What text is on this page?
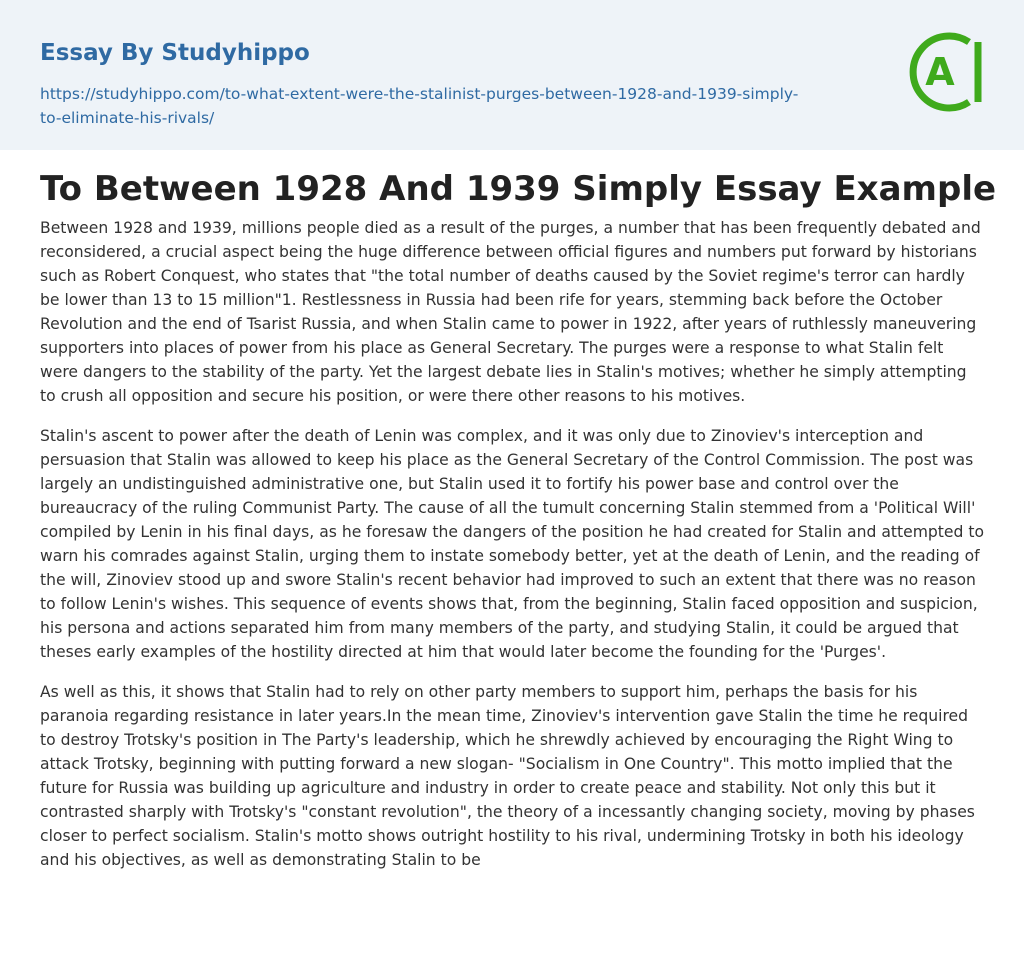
Essay By Studyhippo
https://studyhippo.com/to-what-extent-were-the-stalinist-purges-between-1928-and-1939-simply-to-eliminate-his-rivals/
A
To Between 1928 And 1939 Simply Essay Example

Between 1928 and 1939, millions people died as a result of the purges, a number that has been frequently debated and reconsidered, a crucial aspect being the huge difference between official figures and numbers put forward by historians such as Robert Conquest, who states that "the total number of deaths caused by the Soviet regime's terror can hardly be lower than 13 to 15 million"1. Restlessness in Russia had been rife for years, stemming back before the October Revolution and the end of Tsarist Russia, and when Stalin came to power in 1922, after years of ruthlessly maneuvering supporters into places of power from his place as General Secretary. The purges were a response to what Stalin felt were dangers to the stability of the party. Yet the largest debate lies in Stalin's motives; whether he simply attempting to crush all opposition and secure his position, or were there other reasons to his motives.

Stalin's ascent to power after the death of Lenin was complex, and it was only due to Zinoviev's interception and persuasion that Stalin was allowed to keep his place as the General Secretary of the Control Commission. The post was largely an undistinguished administrative one, but Stalin used it to fortify his power base and control over the bureaucracy of the ruling Communist Party. The cause of all the tumult concerning Stalin stemmed from a 'Political Will' compiled by Lenin in his final days, as he foresaw the dangers of the position he had created for Stalin and attempted to warn his comrades against Stalin, urging them to instate somebody better, yet at the death of Lenin, and the reading of the will, Zinoviev stood up and swore Stalin's recent behavior had improved to such an extent that there was no reason to follow Lenin's wishes. This sequence of events shows that, from the beginning, Stalin faced opposition and suspicion, his persona and actions separated him from many members of the party, and studying Stalin, it could be argued that theses early examples of the hostility directed at him that would later become the founding for the 'Purges'.

As well as this, it shows that Stalin had to rely on other party members to support him, perhaps the basis for his paranoia regarding resistance in later years.In the mean time, Zinoviev's intervention gave Stalin the time he required to destroy Trotsky's position in The Party's leadership, which he shrewdly achieved by encouraging the Right Wing to attack Trotsky, beginning with putting forward a new slogan- "Socialism in One Country". This motto implied that the future for Russia was building up agriculture and industry in order to create peace and stability. Not only this but it contrasted sharply with Trotsky's "constant revolution", the theory of a incessantly changing society, moving by phases closer to perfect socialism. Stalin's motto shows outright hostility to his rival, undermining Trotsky in both his ideology and his objectives, as well as demonstrating Stalin to be
